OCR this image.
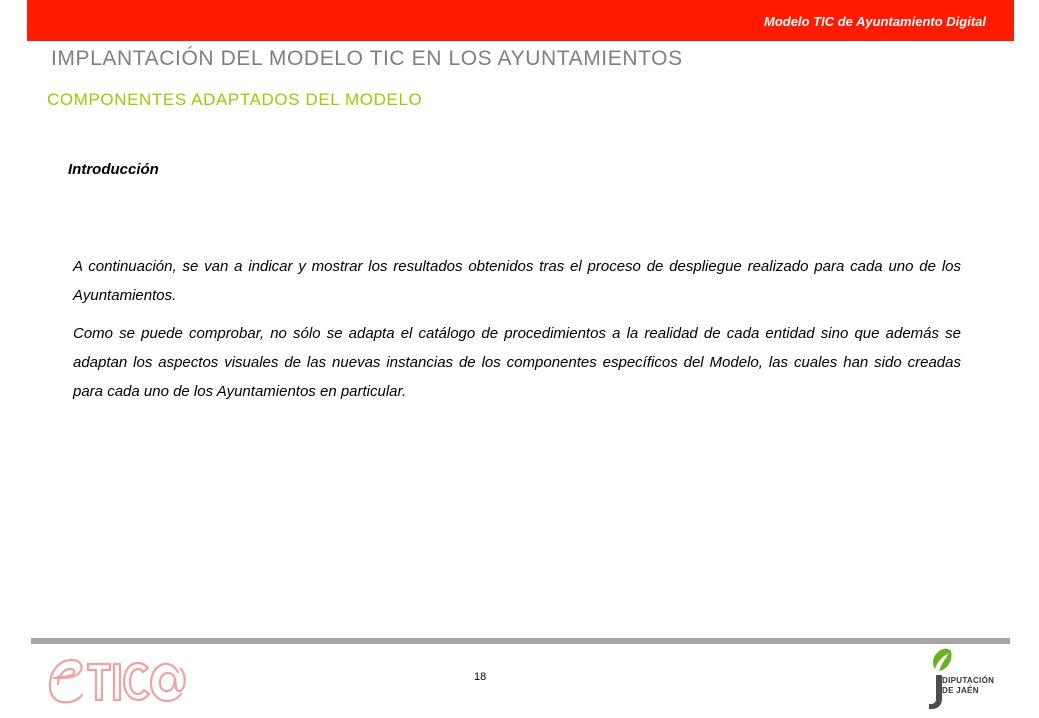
Modelo TIC de Ayuntamiento Digital
IMPLANTACIÓN DEL MODELO TIC EN LOS AYUNTAMIENTOS
COMPONENTES ADAPTADOS DEL MODELO
Introducción

A continuación, se van a indicar y mostrar los resultados obtenidos tras el proceso de despliegue realizado para cada uno de los Ayuntamientos.

Como se puede comprobar, no sólo se adapta el catálogo de procedimientos a la realidad de cada entidad sino que además se adaptan los aspectos visuales de las nuevas instancias de los componentes específicos del Modelo, las cuales han sido creadas para cada uno de los Ayuntamientos en particular.

18	DIPUTACIÓN
DE JAÉN
